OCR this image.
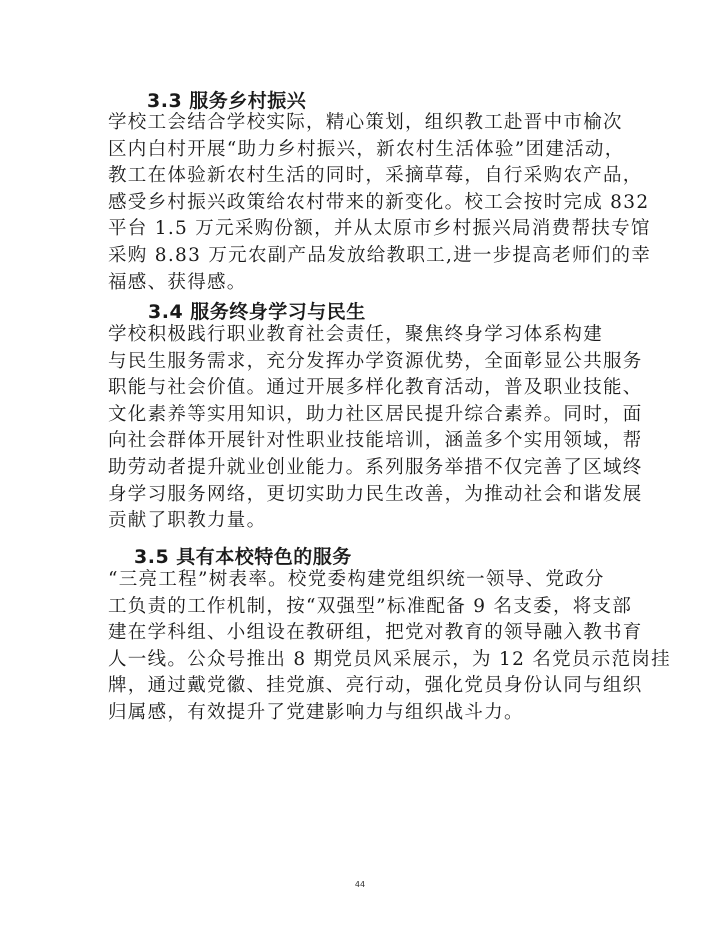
3.3 服务乡村振兴

学校工会结合学校实际，精心策划，组织教工赴晋中市榆次
区内白村开展“助力乡村振兴，新农村生活体验”团建活动，
教工在体验新农村生活的同时，采摘草莓，自行采购农产品，
感受乡村振兴政策给农村带来的新变化。校工会按时完成 832
平台 1.5 万元采购份额，并从太原市乡村振兴局消费帮扶专馆
采购 8.83 万元农副产品发放给教职工,进一步提高老师们的幸
福感、获得感。

3.4 服务终身学习与民生

学校积极践行职业教育社会责任，聚焦终身学习体系构建
与民生服务需求，充分发挥办学资源优势，全面彰显公共服务
职能与社会价值。通过开展多样化教育活动，普及职业技能、
文化素养等实用知识，助力社区居民提升综合素养。同时，面
向社会群体开展针对性职业技能培训，涵盖多个实用领域，帮
助劳动者提升就业创业能力。系列服务举措不仅完善了区域终
身学习服务网络，更切实助力民生改善，为推动社会和谐发展
贡献了职教力量。

3.5 具有本校特色的服务

“三亮工程”树表率。校党委构建党组织统一领导、党政分
工负责的工作机制，按“双强型”标准配备 9 名支委，将支部
建在学科组、小组设在教研组，把党对教育的领导融入教书育
人一线。公众号推出 8 期党员风采展示，为 12 名党员示范岗挂
牌，通过戴党徽、挂党旗、亮行动，强化党员身份认同与组织
归属感，有效提升了党建影响力与组织战斗力。

44
